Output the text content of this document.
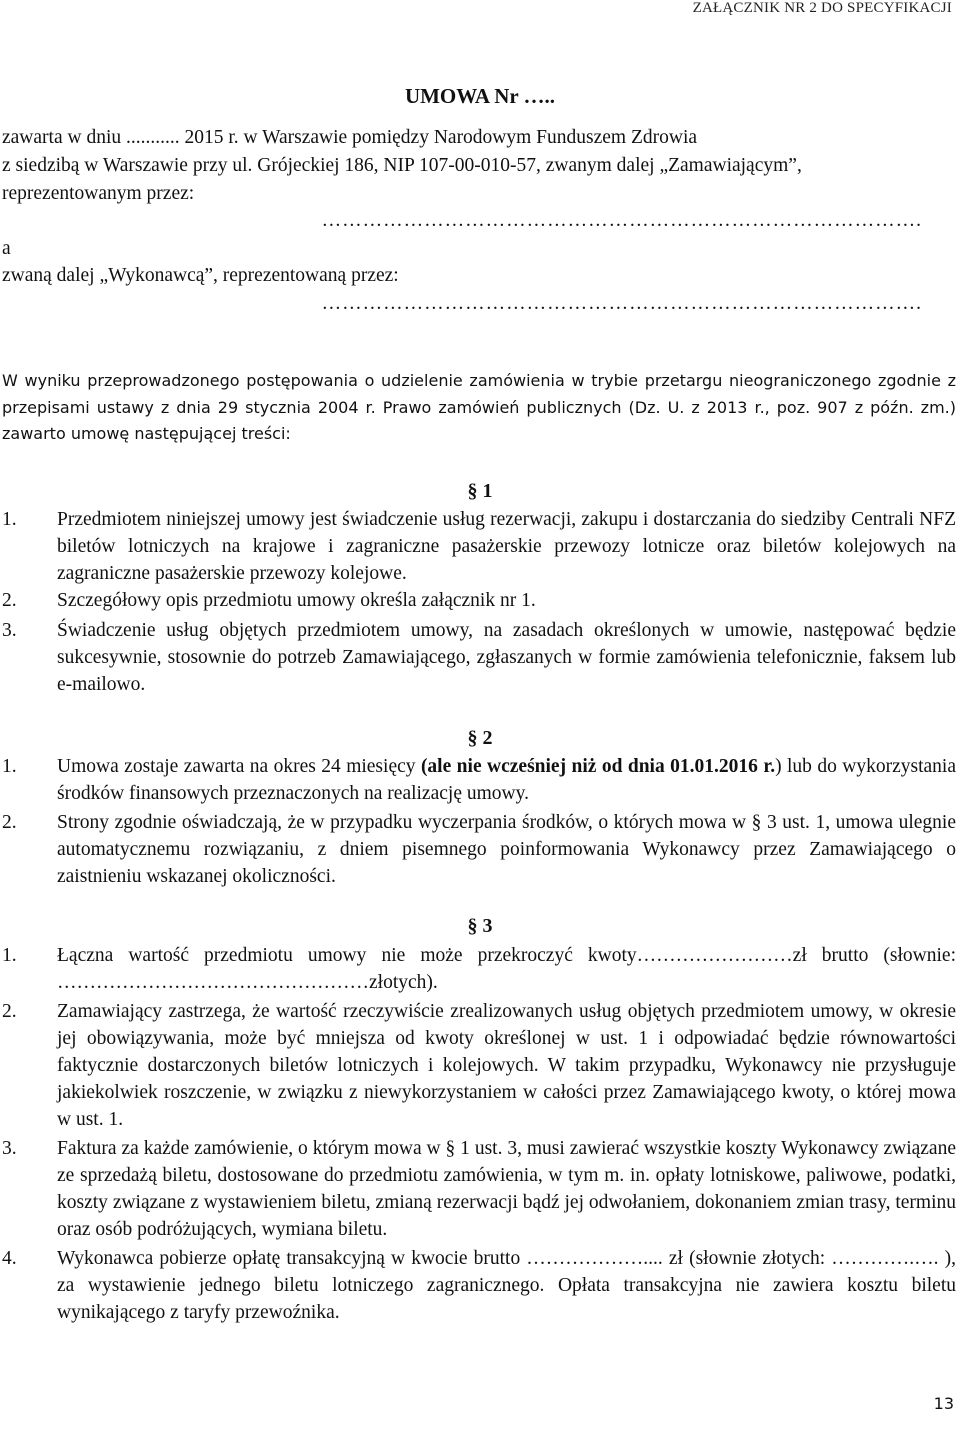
ZAŁĄCZNIK NR 2 DO SPECYFIKACJI
UMOWA Nr …..
zawarta w dniu ........... 2015 r. w Warszawie pomiędzy Narodowym Funduszem Zdrowia
z siedzibą w Warszawie przy ul. Grójeckiej 186, NIP 107-00-010-57, zwanym dalej „Zamawiającym”,
reprezentowanym przez:
…………………………………………………………………………….
a
zwaną dalej „Wykonawcą”, reprezentowaną przez:
…………………………………………………………………………….
W wyniku przeprowadzonego postępowania o udzielenie zamówienia w trybie przetargu nieograniczonego zgodnie z przepisami ustawy z dnia 29 stycznia 2004 r. Prawo zamówień publicznych (Dz. U. z 2013 r., poz. 907 z późn. zm.) zawarto umowę następującej treści:
§ 1
1. Przedmiotem niniejszej umowy jest świadczenie usług rezerwacji, zakupu i dostarczania do siedziby Centrali NFZ biletów lotniczych na krajowe i zagraniczne pasażerskie przewozy lotnicze oraz biletów kolejowych na zagraniczne pasażerskie przewozy kolejowe.
2. Szczegółowy opis przedmiotu umowy określa załącznik nr 1.
3. Świadczenie usług objętych przedmiotem umowy, na zasadach określonych w umowie, następować będzie sukcesywnie, stosownie do potrzeb Zamawiającego, zgłaszanych w formie zamówienia telefonicznie, faksem lub e-mailowo.
§ 2
1. Umowa zostaje zawarta na okres 24 miesięcy (ale nie wcześniej niż od dnia 01.01.2016 r.) lub do wykorzystania środków finansowych przeznaczonych na realizację umowy.
2. Strony zgodnie oświadczają, że w przypadku wyczerpania środków, o których mowa w § 3 ust. 1, umowa ulegnie automatycznemu rozwiązaniu, z dniem pisemnego poinformowania Wykonawcy przez Zamawiającego o zaistnieniu wskazanej okoliczności.
§ 3
1. Łączna wartość przedmiotu umowy nie może przekroczyć kwoty……………………zł brutto (słownie: …………………………………………złotych).
2. Zamawiający zastrzega, że wartość rzeczywiście zrealizowanych usług objętych przedmiotem umowy, w okresie jej obowiązywania, może być mniejsza od kwoty określonej w ust. 1 i odpowiadać będzie równowartości faktycznie dostarczonych biletów lotniczych i kolejowych. W takim przypadku, Wykonawcy nie przysługuje jakiekolwiek roszczenie, w związku z niewykorzystaniem w całości przez Zamawiającego kwoty, o której mowa w ust. 1.
3. Faktura za każde zamówienie, o którym mowa w § 1 ust. 3, musi zawierać wszystkie koszty Wykonawcy związane ze sprzedażą biletu, dostosowane do przedmiotu zamówienia, w tym m. in. opłaty lotniskowe, paliwowe, podatki, koszty związane z wystawieniem biletu, zmianą rezerwacji bądź jej odwołaniem, dokonaniem zmian trasy, terminu oraz osób podróżujących, wymiana biletu.
4. Wykonawca pobierze opłatę transakcyjną w kwocie brutto ……………….... zł (słownie złotych: ………….…. ), za wystawienie jednego biletu lotniczego zagranicznego. Opłata transakcyjna nie zawiera kosztu biletu wynikającego z taryfy przewoźnika.
13
